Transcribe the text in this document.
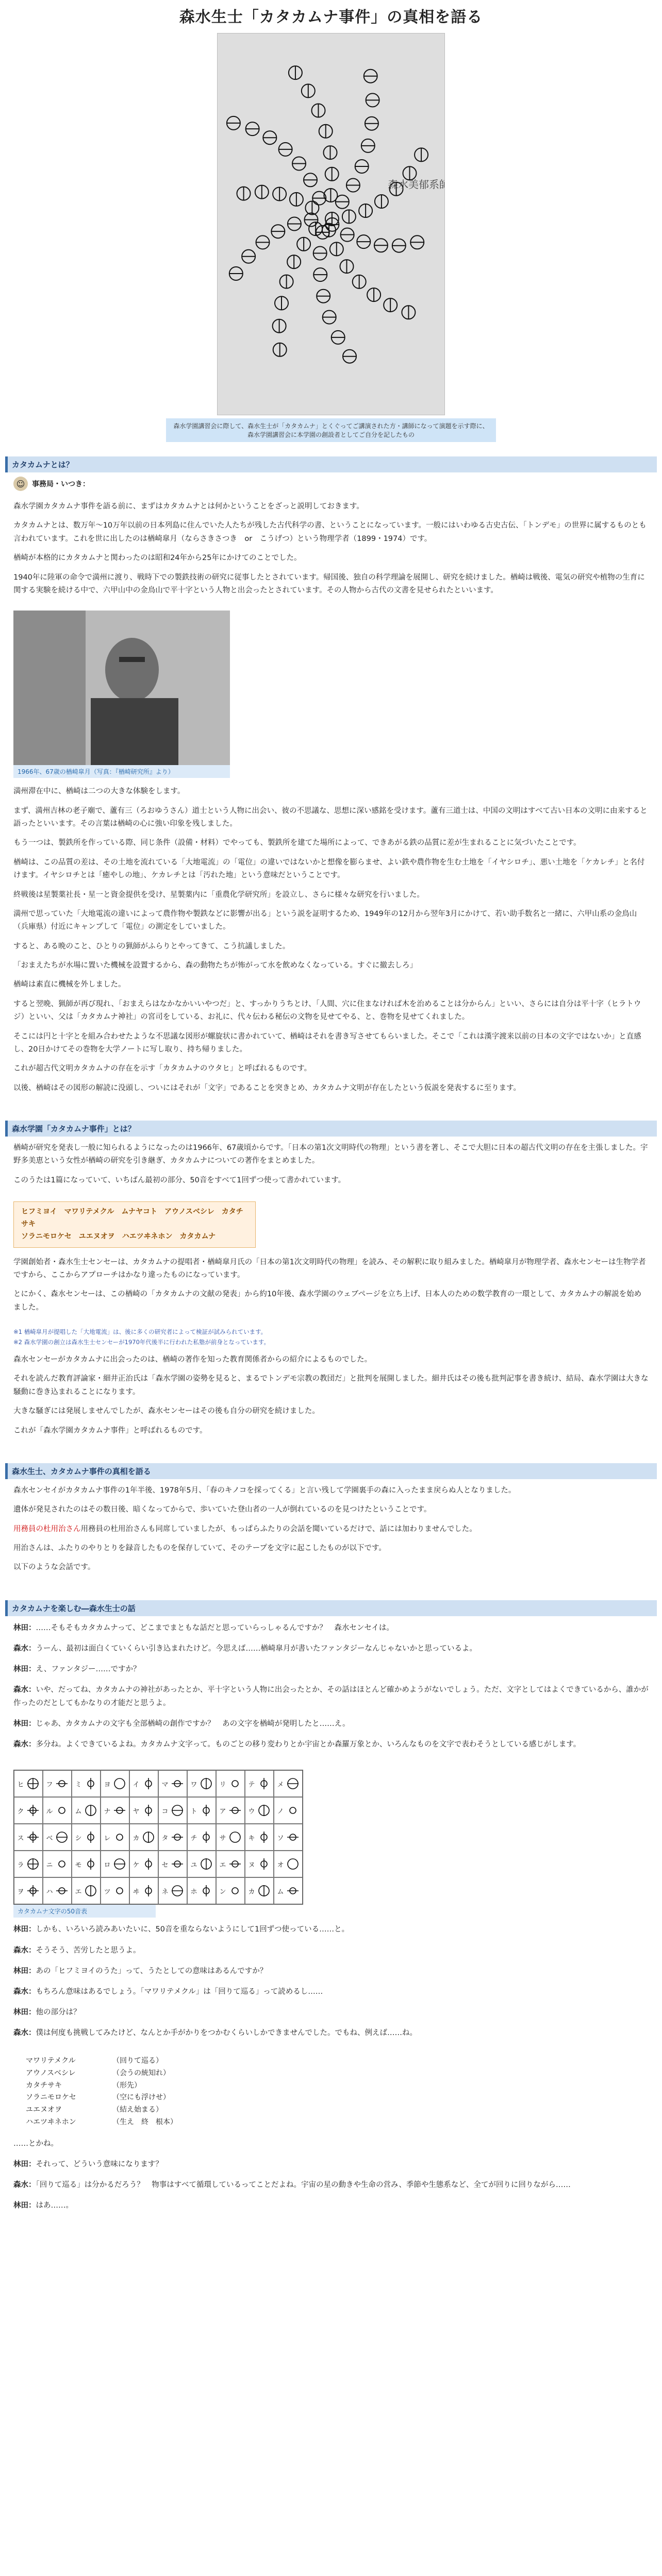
森水生士「カタカムナ事件」の真相を語る
森水美郁系師
森水学園講習会に際して、森水生士が「カタカムナ」とくぐってご講演された方・講師になって演題を示す際に、森水学園講習会に本学園の創設者としてご自分を記したもの
カタカムナとは？
☺ 事務局・いつき：

森水学園カタカムナ事件を語る前に、まずはカタカムナとは何かということをざっと説明しておきます。

カタカムナとは、数万年〜10万年以前の日本列島に住んでいた人たちが残した古代科学の書、ということになっています。一般にはいわゆる古史古伝、「トンデモ」の世界に属するものとも言われています。これを世に出したのは楢崎皐月（ならさきさつき　or　こうげつ）という物理学者（1899・1974）です。

楢崎が本格的にカタカムナと関わったのは昭和24年から25年にかけてのことでした。

1940年に陸軍の命令で満州に渡り、戦時下での製鉄技術の研究に従事したとされています。帰国後、独自の科学理論を展開し、研究を続けました。楢崎は戦後、電気の研究や植物の生育に関する実験を続ける中で、六甲山中の金鳥山で平十字という人物と出会ったとされています。その人物から古代の文書を見せられたといいます。

1966年、67歳の楢崎皐月（写真：『楢崎研究所』より）

満州滞在中に、楢崎は二つの大きな体験をします。

まず、満州吉林の老子廟で、蘆有三（ろおゆうさん）道士という人物に出会い、彼の不思議な、思想に深い感銘を受けます。蘆有三道士は、中国の文明はすべて古い日本の文明に由来すると語ったといいます。その言葉は楢崎の心に強い印象を残しました。

もう一つは、製鉄所を作っている際、同じ条件（設備・材料）でやっても、製鉄所を建てた場所によって、できあがる鉄の品質に差が生まれることに気づいたことです。

楢崎は、この品質の差は、その土地を流れている「大地電流」の「電位」の違いではないかと想像を膨らませ、よい鉄や農作物を生む土地を「イヤシロチ」、悪い土地を「ケカレチ」と名付けます。イヤシロチとは「癒やしの地」、ケカレチとは「汚れた地」という意味だということです。

終戦後は星製薬社長・星一と資金提供を受け、星製薬内に「重農化学研究所」を設立し、さらに様々な研究を行いました。

満州で思っていた「大地電流の違いによって農作物や製鉄などに影響が出る」という説を証明するため、1949年の12月から翌年3月にかけて、若い助手数名と一緒に、六甲山系の金鳥山（兵庫県）付近にキャンプして「電位」の測定をしていました。

すると、ある晩のこと、ひとりの猟師がふらりとやってきて、こう抗議しました。

「おまえたちが水場に置いた機械を設置するから、森の動物たちが怖がって水を飲めなくなっている。すぐに撤去しろ」

楢崎は素直に機械を外しました。

すると翌晩、猟師が再び現れ、「おまえらはなかなかいいやつだ」と、すっかりうちとけ、「人間、穴に住まなければ木を治めることは分からん」といい、さらには自分は平十字（ヒラトウジ）といい、父は「カタカムナ神社」の宮司をしている、お礼に、代々伝わる秘伝の文物を見せてやる、と、巻物を見せてくれました。

そこには円と十字とを組み合わせたような不思議な図形が螺旋状に書かれていて、楢崎はそれを書き写させてもらいました。そこで「これは漢字渡来以前の日本の文字ではないか」と直感し、20日かけてその巻物を大学ノートに写し取り、持ち帰りました。

これが超古代文明カタカムナの存在を示す「カタカムナのウタヒ」と呼ばれるものです。

以後、楢崎はその図形の解読に没頭し、ついにはそれが「文字」であることを突きとめ、カタカムナ文明が存在したという仮説を発表するに至ります。

森水学園「カタカムナ事件」とは？

楢崎が研究を発表し一般に知られるようになったのは1966年、67歳頃からです。「日本の第1次文明時代の物理」という書を著し、そこで大胆に日本の超古代文明の存在を主張しました。宇野多美恵という女性が楢崎の研究を引き継ぎ、カタカムナについての著作をまとめました。

このうたは1篇になっていて、いちばん最初の部分、50音をすべて1回ずつ使って書かれています。

ヒフミヨイ　マワリテメクル　ムナヤコト　アウノスベシレ　カタチサキ
ソラニモロケセ　ユエヌオヲ　ハエツヰネホン　カタカムナ

学園創始者・森水生士センセーは、カタカムナの提唱者・楢崎皐月氏の「日本の第1次文明時代の物理」を読み、その解釈に取り組みました。楢崎皐月が物理学者、森水センセーは生物学者ですから、ここからアプローチはかなり違ったものになっています。

とにかく、森水センセーは、この楢崎の「カタカムナの文献の発表」から約10年後、森水学園のウェブページを立ち上げ、日本人のための数学教育の一環として、カタカムナの解説を始めました。

※1 楢崎皐月が提唱した「大地電流」は、後に多くの研究者によって検証が試みられています。
※2 森水学園の創立は森水生士センセーが1970年代後半に行われた私塾が前身となっています。

森水センセーがカタカムナに出会ったのは、楢崎の著作を知った教育関係者からの紹介によるものでした。

それを読んだ教育評論家・細井正治氏は「森水学園の姿勢を見ると、まるでトンデモ宗教の教団だ」と批判を展開しました。細井氏はその後も批判記事を書き続け、結局、森水学園は大きな騒動に巻き込まれることになります。

大きな騒ぎには発展しませんでしたが、森水センセーはその後も自分の研究を続けました。

これが「森水学園カタカムナ事件」と呼ばれるものです。

森水生士、カタカムナ事件の真相を語る

森水センセイがカタカムナ事件の1年半後、1978年5月、「春のキノコを採ってくる」と言い残して学園裏手の森に入ったまま戻らぬ人となりました。

遺体が発見されたのはその数日後、暗くなってからで、歩いていた登山者の一人が倒れているのを見つけたということです。

用務員の杜用治さん用務員の杜用治さんも同席していましたが、もっぱらふたりの会話を聞いているだけで、話には加わりませんでした。

用治さんは、ふたりのやりとりを録音したものを保存していて、そのテープを文字に起こしたものが以下です。

以下のような会話です。

カタカムナを楽しむ―森水生士の話
林田：……そもそもカタカムナって、どこまでまともな話だと思っていらっしゃるんですか？　森水センセイは。
森水：うーん、最初は面白くていくらい引き込まれたけど。今思えば……楢崎皐月が書いたファンタジーなんじゃないかと思っているよ。
林田：え、ファンタジー……ですか？
森水：いや、だってね、カタカムナの神社があったとか、平十字という人物に出会ったとか、その話はほとんど確かめようがないでしょう。ただ、文字としてはよくできているから、誰かが作ったのだとしてもかなりの才能だと思うよ。
林田：じゃあ、カタカムナの文字も全部楢崎の創作ですか？　あの文字を楢崎が発明したと……え。
森水：多分ね。よくできているよね。カタカムナ文字って。ものごとの移り変わりとか宇宙とか森羅万象とか、いろんなものを文字で表わそうとしている感じがします。
ヒ	フ	ミ	ヨ	イ	マ	ワ	リ	テ	メ
ク	ル	ム	ナ	ヤ	コ	ト	ア	ウ	ノ
ス	ベ	シ	レ	カ	タ	チ	サ	キ	ソ
ラ	ニ	モ	ロ	ケ	セ	ユ	エ	ヌ	オ
ヲ	ハ	エ	ツ	ヰ	ネ	ホ	ン	カ	ム
カタカムナ文字の50音表
林田：しかも、いろいろ読みあいたいに、50音を重ならないようにして1回ずつ使っている……と。
森水：そうそう、苦労したと思うよ。
林田：あの「ヒフミヨイのうた」って、うたとしての意味はあるんですか？
森水：もちろん意味はあるでしょう。「マワリテメクル」は「回りて巡る」って読めるし……
林田：他の部分は？
森水：僕は何度も挑戦してみたけど、なんとか手がかりをつかむくらいしかできませんでした。でもね、例えば……ね。
マワリテメクル	（回りて巡る）
アウノスベシレ	（会うの統知れ）
カタチサキ	（形先）
ソラニモロケセ	（空にも浮けせ）
ユエヌオヲ	（結え始まる）
ハエツヰネホン	（生え　終　根本）
……とかね。
林田：それって、どういう意味になります？
森水：「回りて巡る」は分かるだろう？　物事はすべて循環しているってことだよね。宇宙の星の動きや生命の営み、季節や生態系など、全てが回りに回りながら……
林田：はあ……。
